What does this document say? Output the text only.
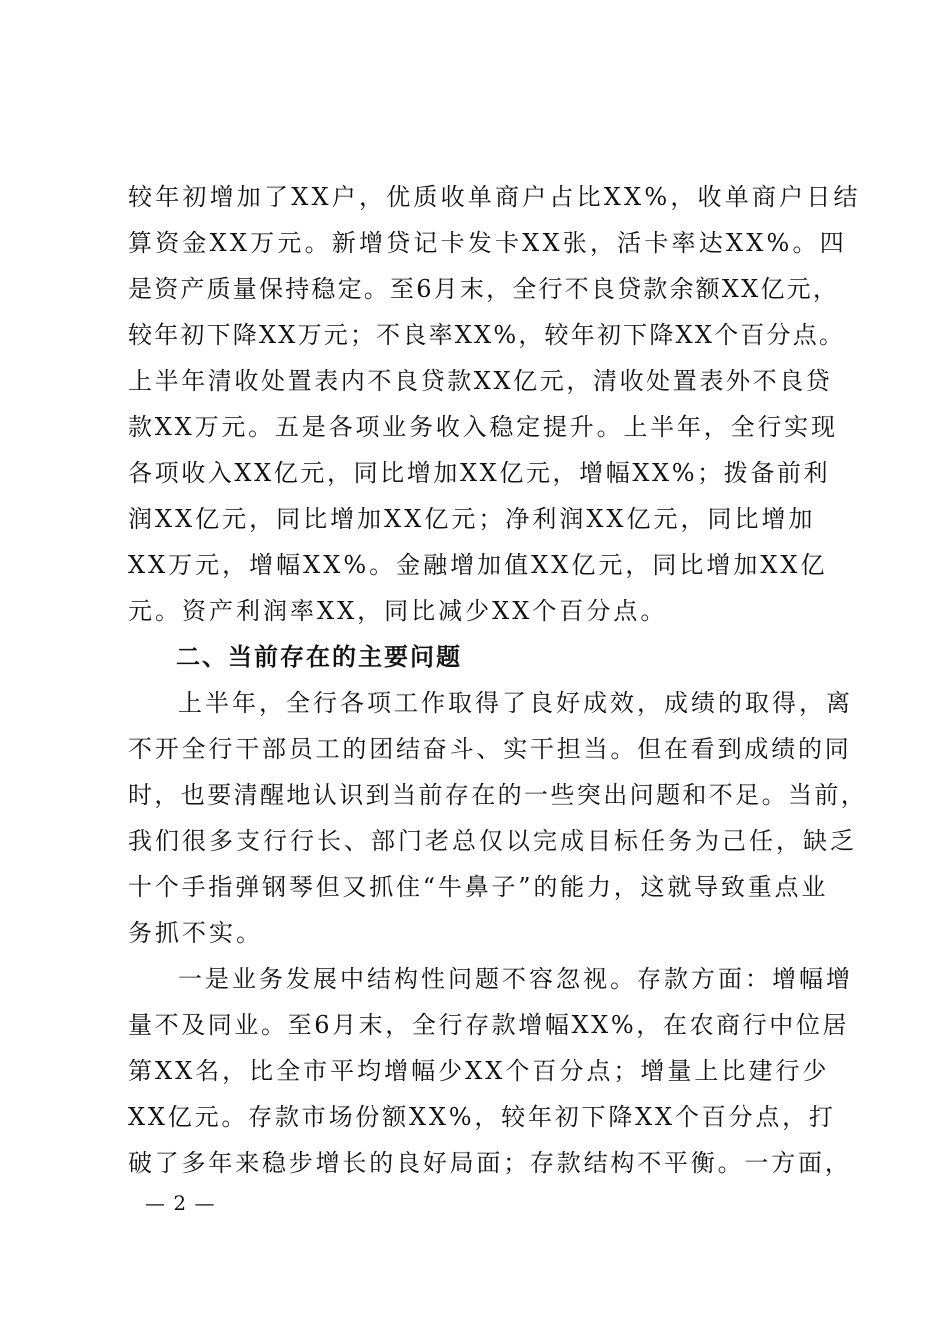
较年初增加了XX户，优质收单商户占比XX%，收单商户日结
算资金XX万元。新增贷记卡发卡XX张，活卡率达XX%。四
是资产质量保持稳定。至6月末，全行不良贷款余额XX亿元，
较年初下降XX万元；不良率XX%，较年初下降XX个百分点。
上半年清收处置表内不良贷款XX亿元，清收处置表外不良贷
款XX万元。五是各项业务收入稳定提升。上半年，全行实现
各项收入XX亿元，同比增加XX亿元，增幅XX%；拨备前利
润XX亿元，同比增加XX亿元；净利润XX亿元，同比增加
XX万元，增幅XX%。金融增加值XX亿元，同比增加XX亿
元。资产利润率XX，同比减少XX个百分点。
二、当前存在的主要问题
上半年，全行各项工作取得了良好成效，成绩的取得，离
不开全行干部员工的团结奋斗、实干担当。但在看到成绩的同
时，也要清醒地认识到当前存在的一些突出问题和不足。当前，
我们很多支行行长、部门老总仅以完成目标任务为己任，缺乏
十个手指弹钢琴但又抓住“牛鼻子”的能力，这就导致重点业
务抓不实。
一是业务发展中结构性问题不容忽视。存款方面：增幅增
量不及同业。至6月末，全行存款增幅XX%，在农商行中位居
第XX名，比全市平均增幅少XX个百分点；增量上比建行少
XX亿元。存款市场份额XX%，较年初下降XX个百分点，打
破了多年来稳步增长的良好局面；存款结构不平衡。一方面，
— 2 —
